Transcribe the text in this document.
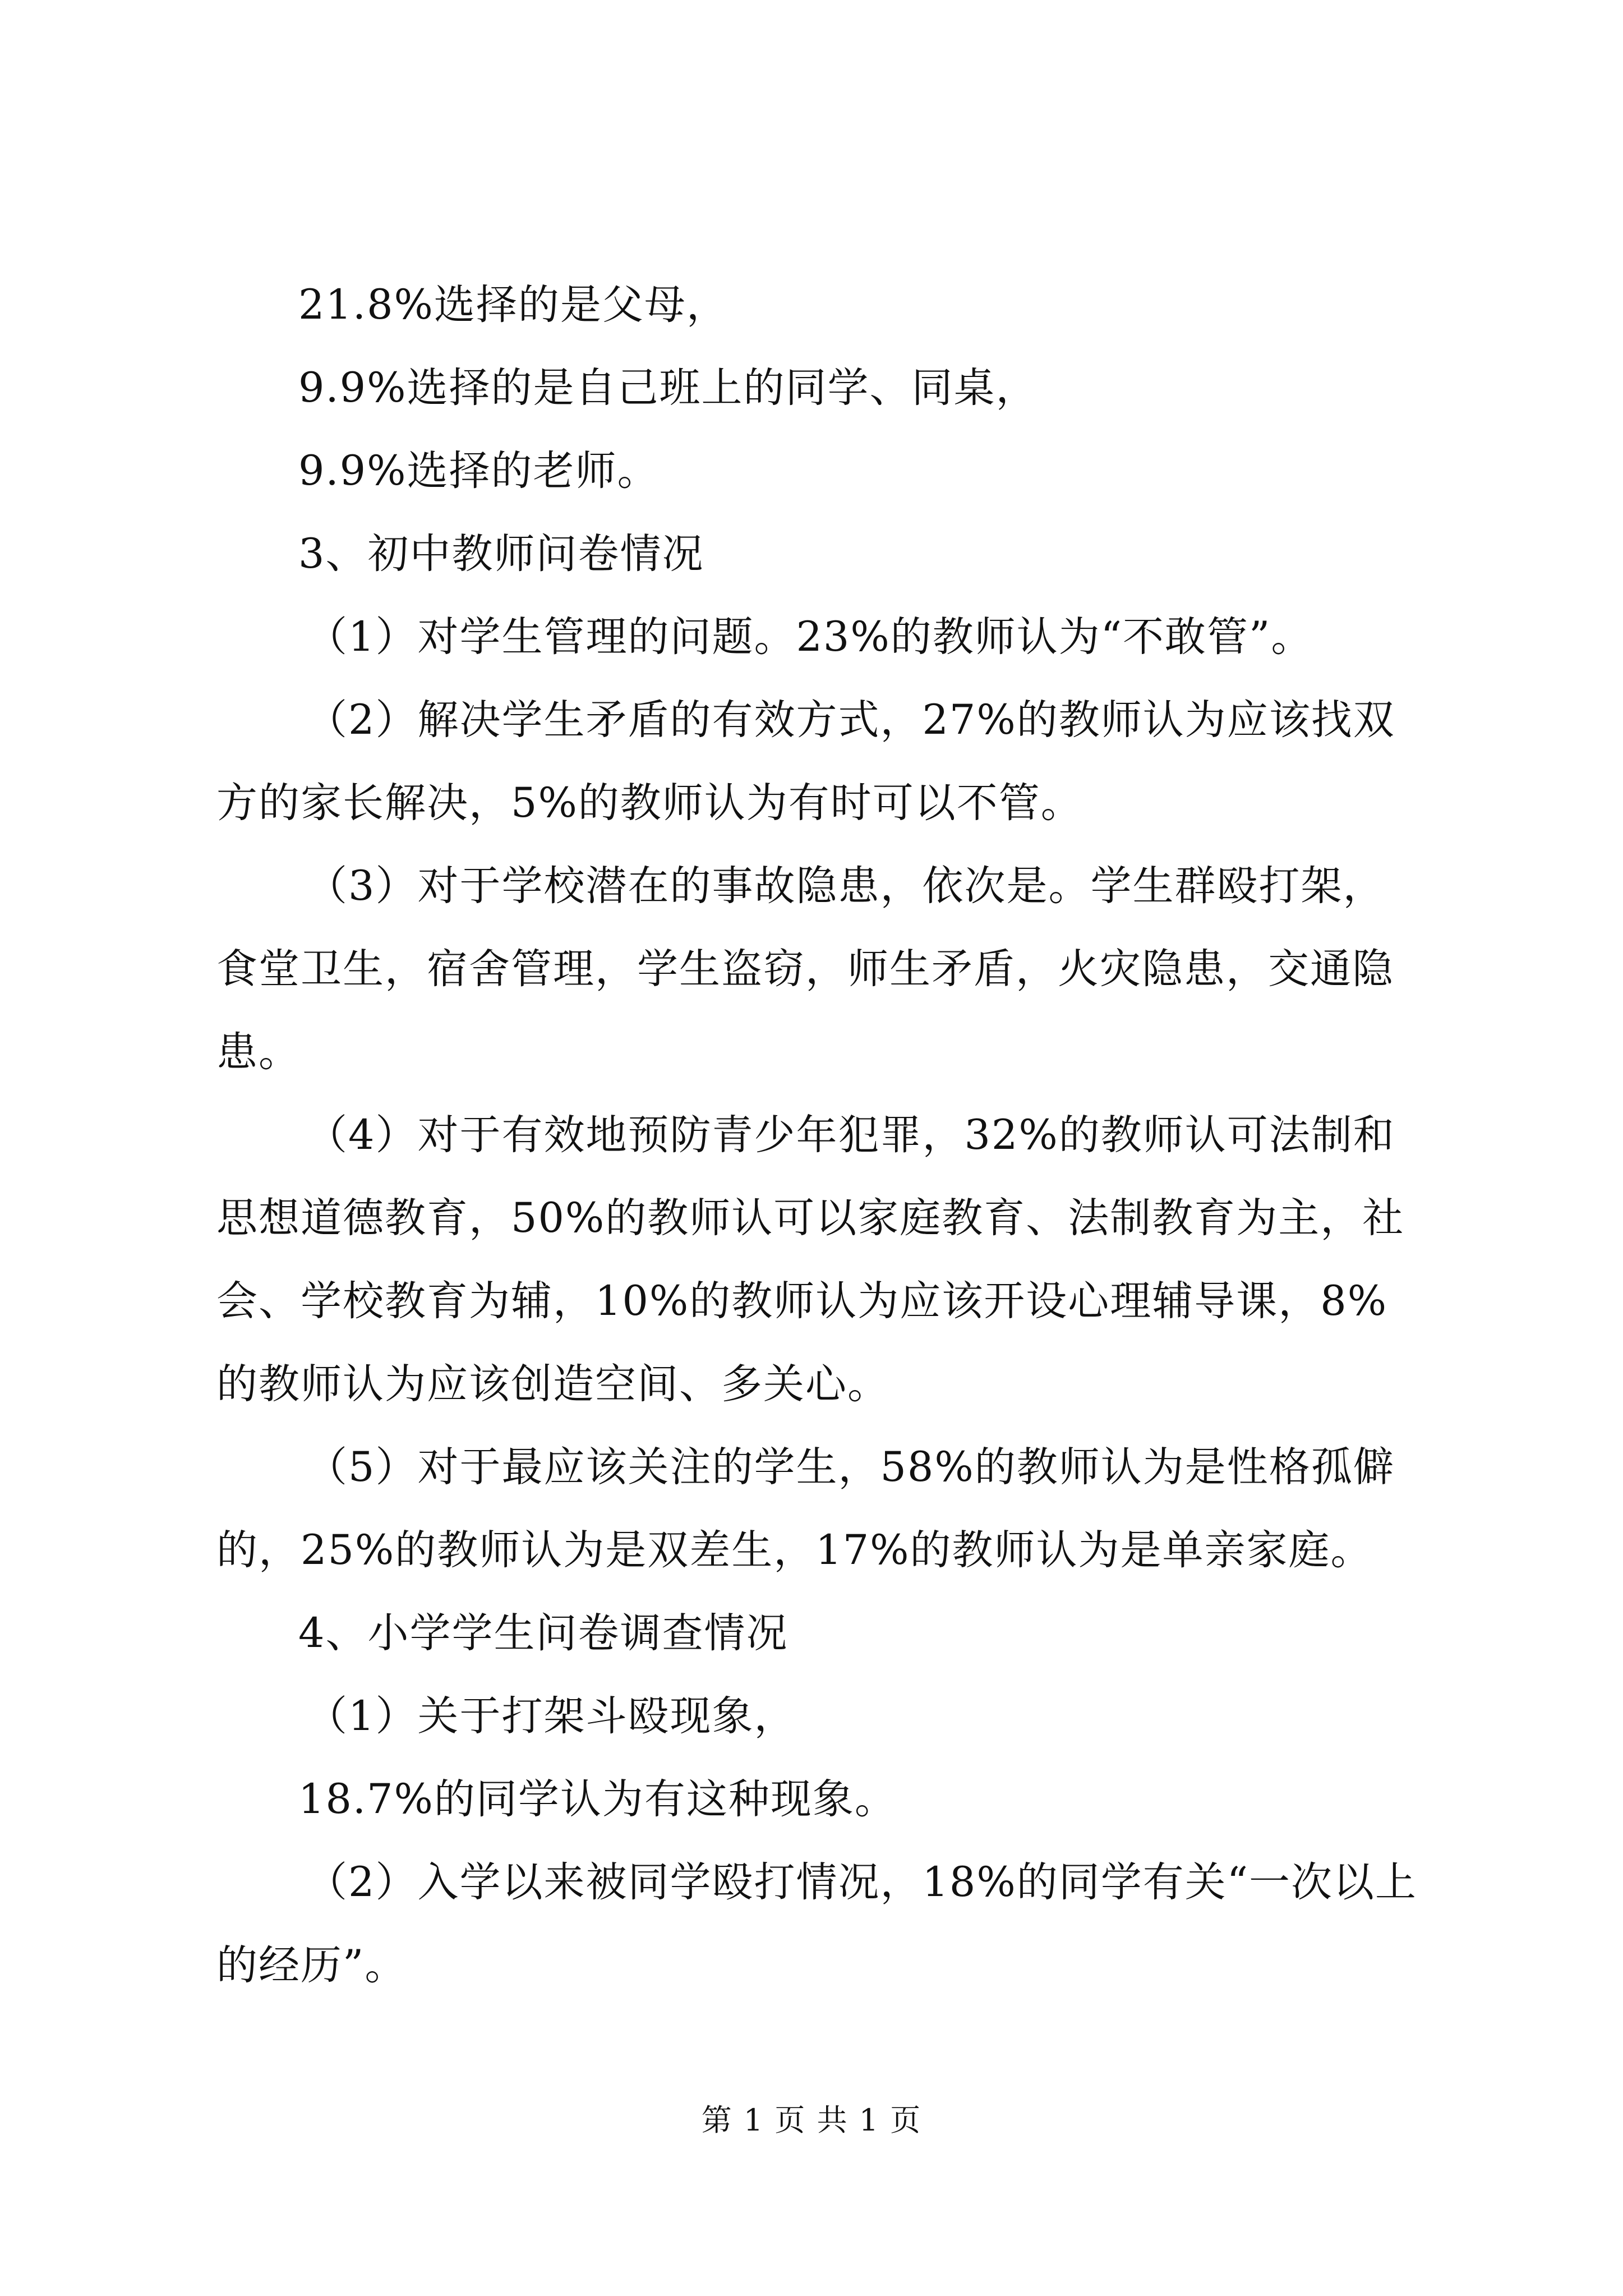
21.8%选择的是父母，

9.9%选择的是自己班上的同学、同桌，

9.9%选择的老师。

3、初中教师问卷情况

（1）对学生管理的问题。23%的教师认为“不敢管”。

（2）解决学生矛盾的有效方式，27%的教师认为应该找双方的家长解决，5%的教师认为有时可以不管。

（3）对于学校潜在的事故隐患，依次是。学生群殴打架，食堂卫生，宿舍管理，学生盗窃，师生矛盾，火灾隐患，交通隐患。

（4）对于有效地预防青少年犯罪，32%的教师认可法制和思想道德教育，50%的教师认可以家庭教育、法制教育为主，社会、学校教育为辅，10%的教师认为应该开设心理辅导课，8%的教师认为应该创造空间、多关心。

（5）对于最应该关注的学生，58%的教师认为是性格孤僻的，25%的教师认为是双差生，17%的教师认为是单亲家庭。

4、小学学生问卷调查情况

（1）关于打架斗殴现象，

18.7%的同学认为有这种现象。

（2）入学以来被同学殴打情况，18%的同学有关“一次以上的经历”。

第 1 页 共 1 页
